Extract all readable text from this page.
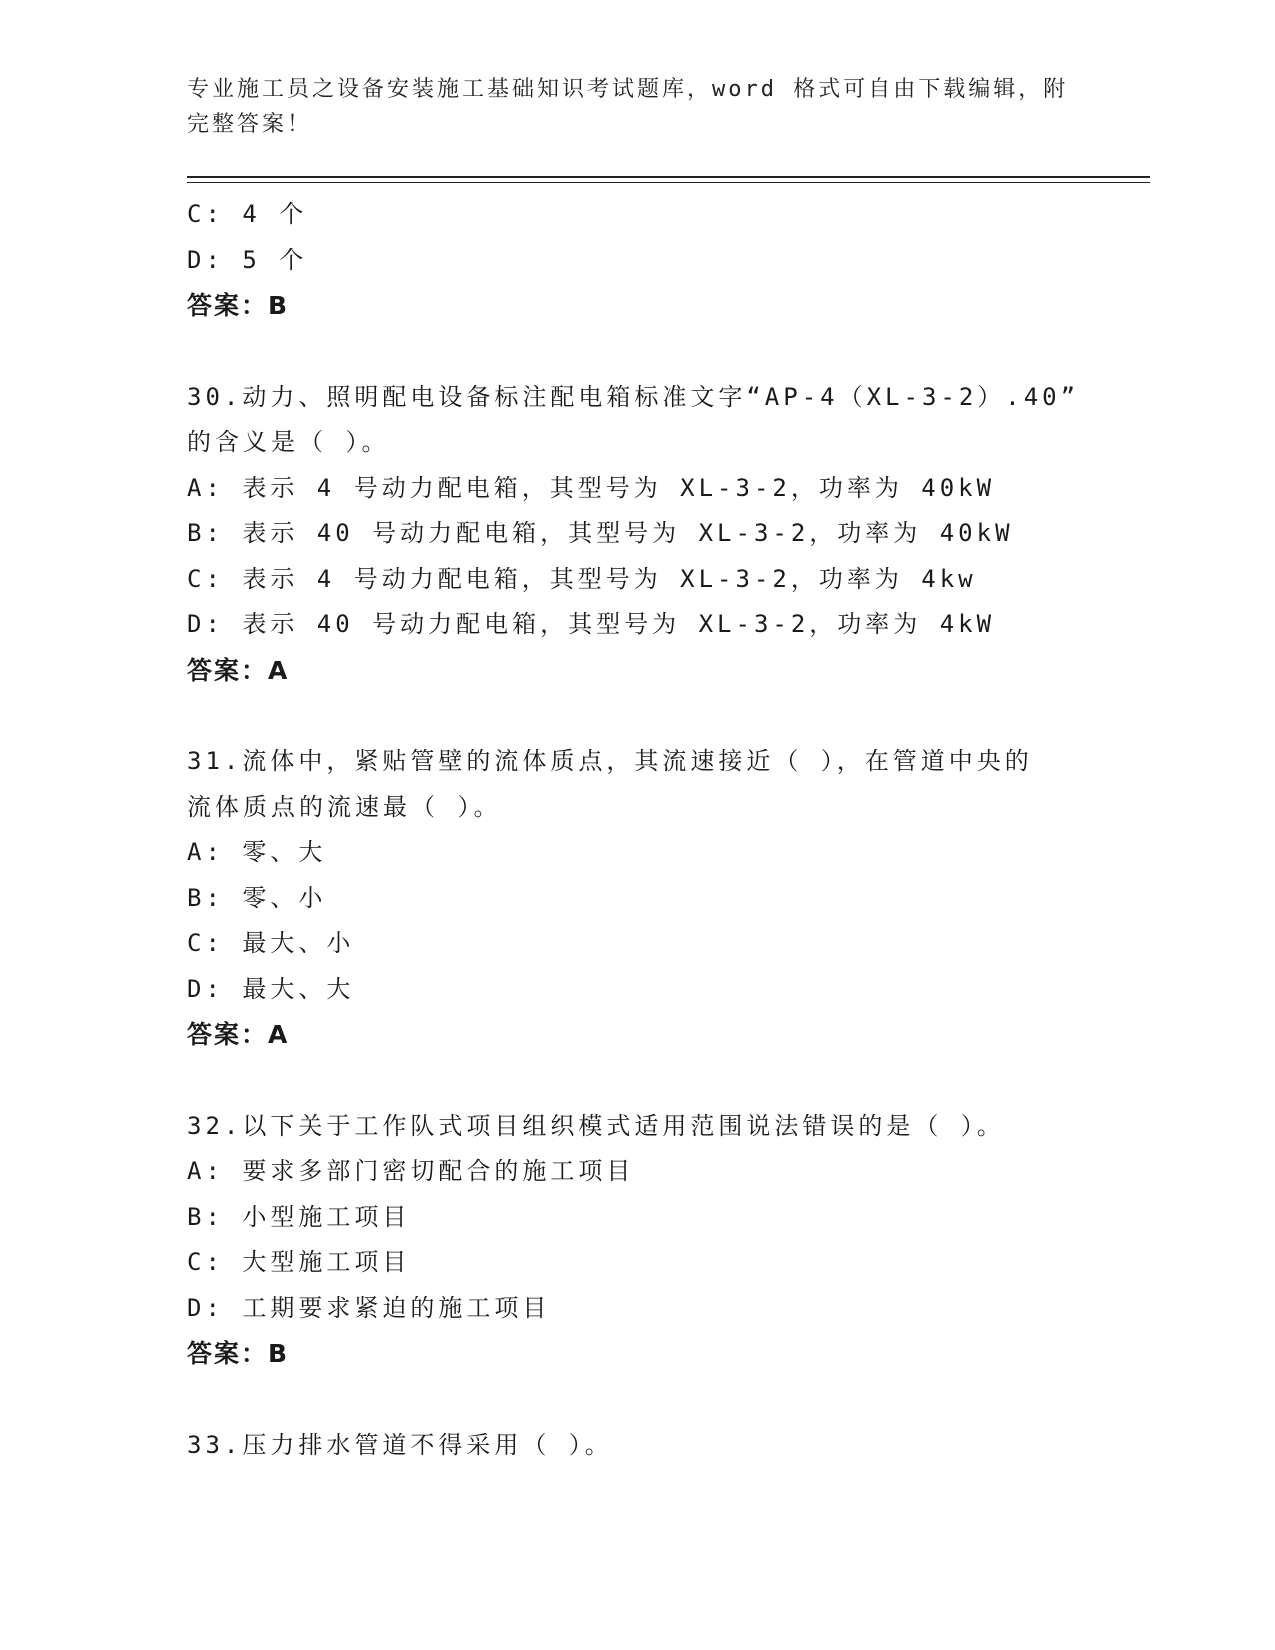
专业施工员之设备安装施工基础知识考试题库，word 格式可自由下载编辑，附完整答案！
C: 4 个
D: 5 个
答案：B
30.动力、照明配电设备标注配电箱标准文字“AP-4（XL-3-2）.40”
的含义是（ ）。
A: 表示 4 号动力配电箱，其型号为 XL-3-2，功率为 40kW
B: 表示 40 号动力配电箱，其型号为 XL-3-2，功率为 40kW
C: 表示 4 号动力配电箱，其型号为 XL-3-2，功率为 4kw
D: 表示 40 号动力配电箱，其型号为 XL-3-2，功率为 4kW
答案：A
31.流体中，紧贴管壁的流体质点，其流速接近（ ），在管道中央的
流体质点的流速最（ ）。
A: 零、大
B: 零、小
C: 最大、小
D: 最大、大
答案：A
32.以下关于工作队式项目组织模式适用范围说法错误的是（ ）。
A: 要求多部门密切配合的施工项目
B: 小型施工项目
C: 大型施工项目
D: 工期要求紧迫的施工项目
答案：B
33.压力排水管道不得采用（ ）。
